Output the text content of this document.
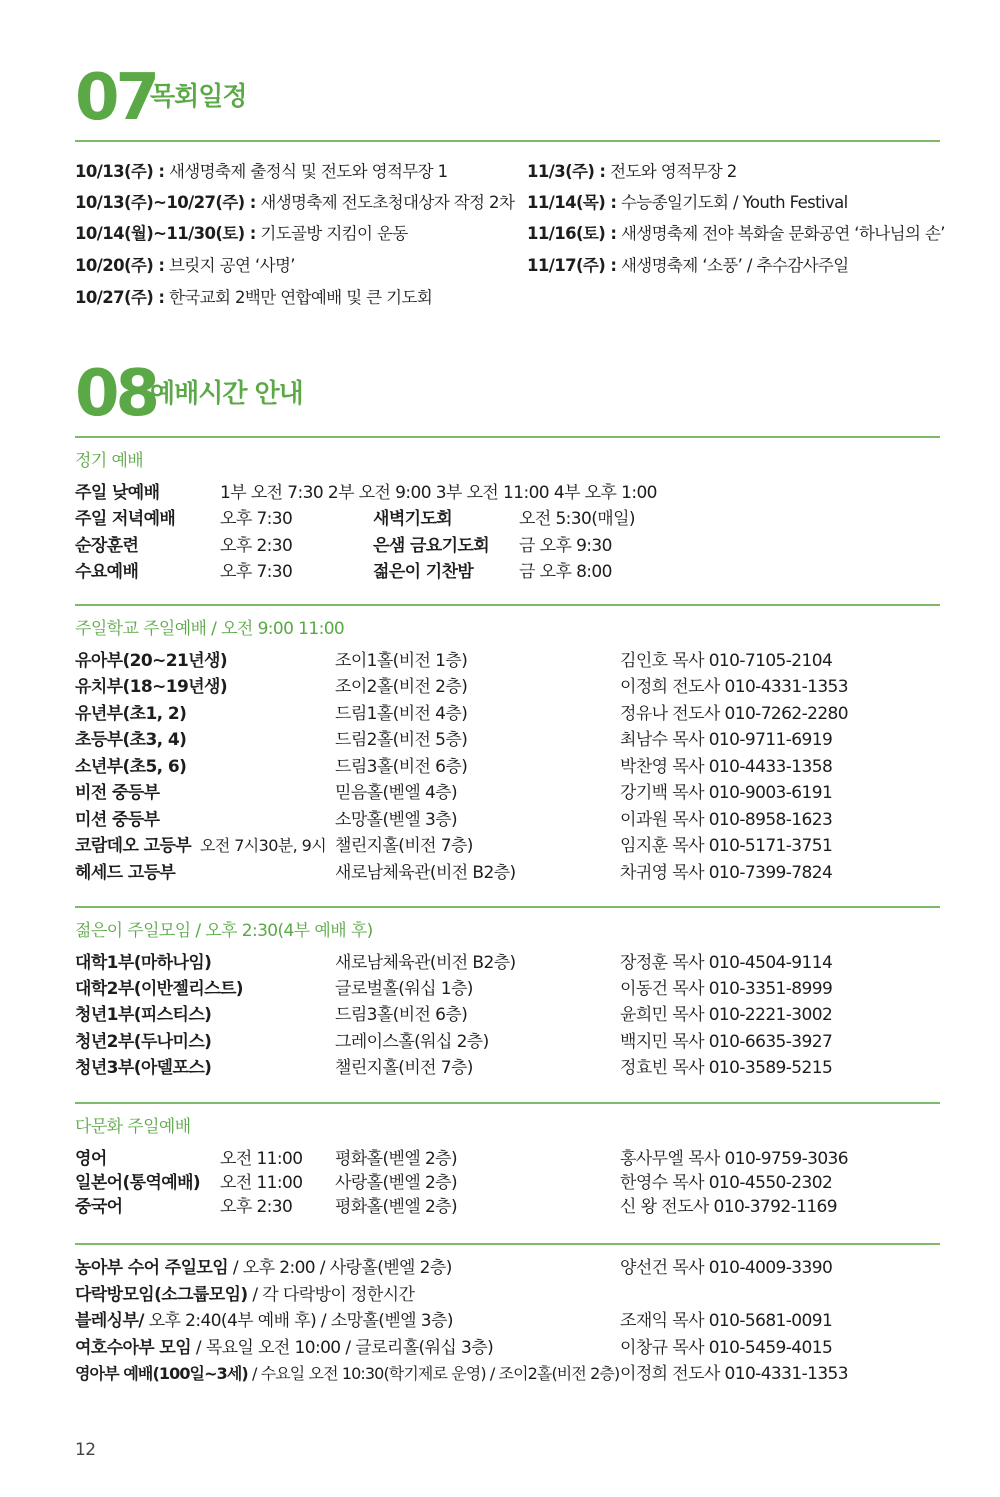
07
목회일정
10/13(주) : 새생명축제 출정식 및 전도와 영적무장 1
10/13(주)~10/27(주) : 새생명축제 전도초청대상자 작정 2차
10/14(월)~11/30(토) : 기도골방 지킴이 운동
10/20(주) : 브릿지 공연 ‘사명’
10/27(주) : 한국교회 2백만 연합예배 및 큰 기도회
11/3(주) : 전도와 영적무장 2
11/14(목) : 수능종일기도회 / Youth Festival
11/16(토) : 새생명축제 전야 복화술 문화공연 ‘하나님의 손’
11/17(주) : 새생명축제 ‘소풍’ / 추수감사주일
08
예배시간 안내
정기 예배
주일 낮예배	1부 오전 7:30 2부 오전 9:00 3부 오전 11:00 4부 오후 1:00
주일 저녁예배	오후 7:30	새벽기도회	오전 5:30(매일)
순장훈련	오후 2:30	은샘 금요기도회 금 오후 9:30
수요예배	오후 7:30	젊은이 기찬밤	금 오후 8:00
주일학교 주일예배 / 오전 9:00 11:00
유아부(20~21년생)	조이1홀(비전 1층)	김인호 목사 010-7105-2104
유치부(18~19년생)	조이2홀(비전 2층)	이정희 전도사 010-4331-1353
유년부(초1, 2)	드림1홀(비전 4층)	정유나 전도사 010-7262-2280
초등부(초3, 4)	드림2홀(비전 5층)	최남수 목사 010-9711-6919
소년부(초5, 6)	드림3홀(비전 6층)	박찬영 목사 010-4433-1358
비전 중등부	믿음홀(벧엘 4층)	강기백 목사 010-9003-6191
미션 중등부	소망홀(벧엘 3층)	이과원 목사 010-8958-1623
코람데오 고등부 오전 7시30분, 9시 챌린지홀(비전 7층)	임지훈 목사 010-5171-3751
헤세드 고등부	새로남체육관(비전 B2층)	차귀영 목사 010-7399-7824
젊은이 주일모임 / 오후 2:30(4부 예배 후)
대학1부(마하나임)	새로남체육관(비전 B2층)	장정훈 목사 010-4504-9114
대학2부(이반젤리스트)	글로벌홀(워십 1층)	이동건 목사 010-3351-8999
청년1부(피스티스)	드림3홀(비전 6층)	윤희민 목사 010-2221-3002
청년2부(두나미스)	그레이스홀(워십 2층)	백지민 목사 010-6635-3927
청년3부(아델포스)	챌린지홀(비전 7층)	정효빈 목사 010-3589-5215
다문화 주일예배
영어	오전 11:00 평화홀(벧엘 2층)	홍사무엘 목사 010-9759-3036
일본어(통역예배) 오전 11:00 사랑홀(벧엘 2층)	한영수 목사 010-4550-2302
중국어	오후 2:30	평화홀(벧엘 2층)	신 왕 전도사 010-3792-1169
농아부 수어 주일모임 / 오후 2:00 / 사랑홀(벧엘 2층)	양선건 목사 010-4009-3390
다락방모임(소그룹모임) / 각 다락방이 정한시간
블레싱부/ 오후 2:40(4부 예배 후) / 소망홀(벧엘 3층)	조재익 목사 010-5681-0091
여호수아부 모임 / 목요일 오전 10:00 / 글로리홀(워십 3층)	이창규 목사 010-5459-4015
영아부 예배(100일~3세) / 수요일 오전 10:30(학기제로 운영) / 조이2홀(비전 2층) 이정희 전도사 010-4331-1353
12
